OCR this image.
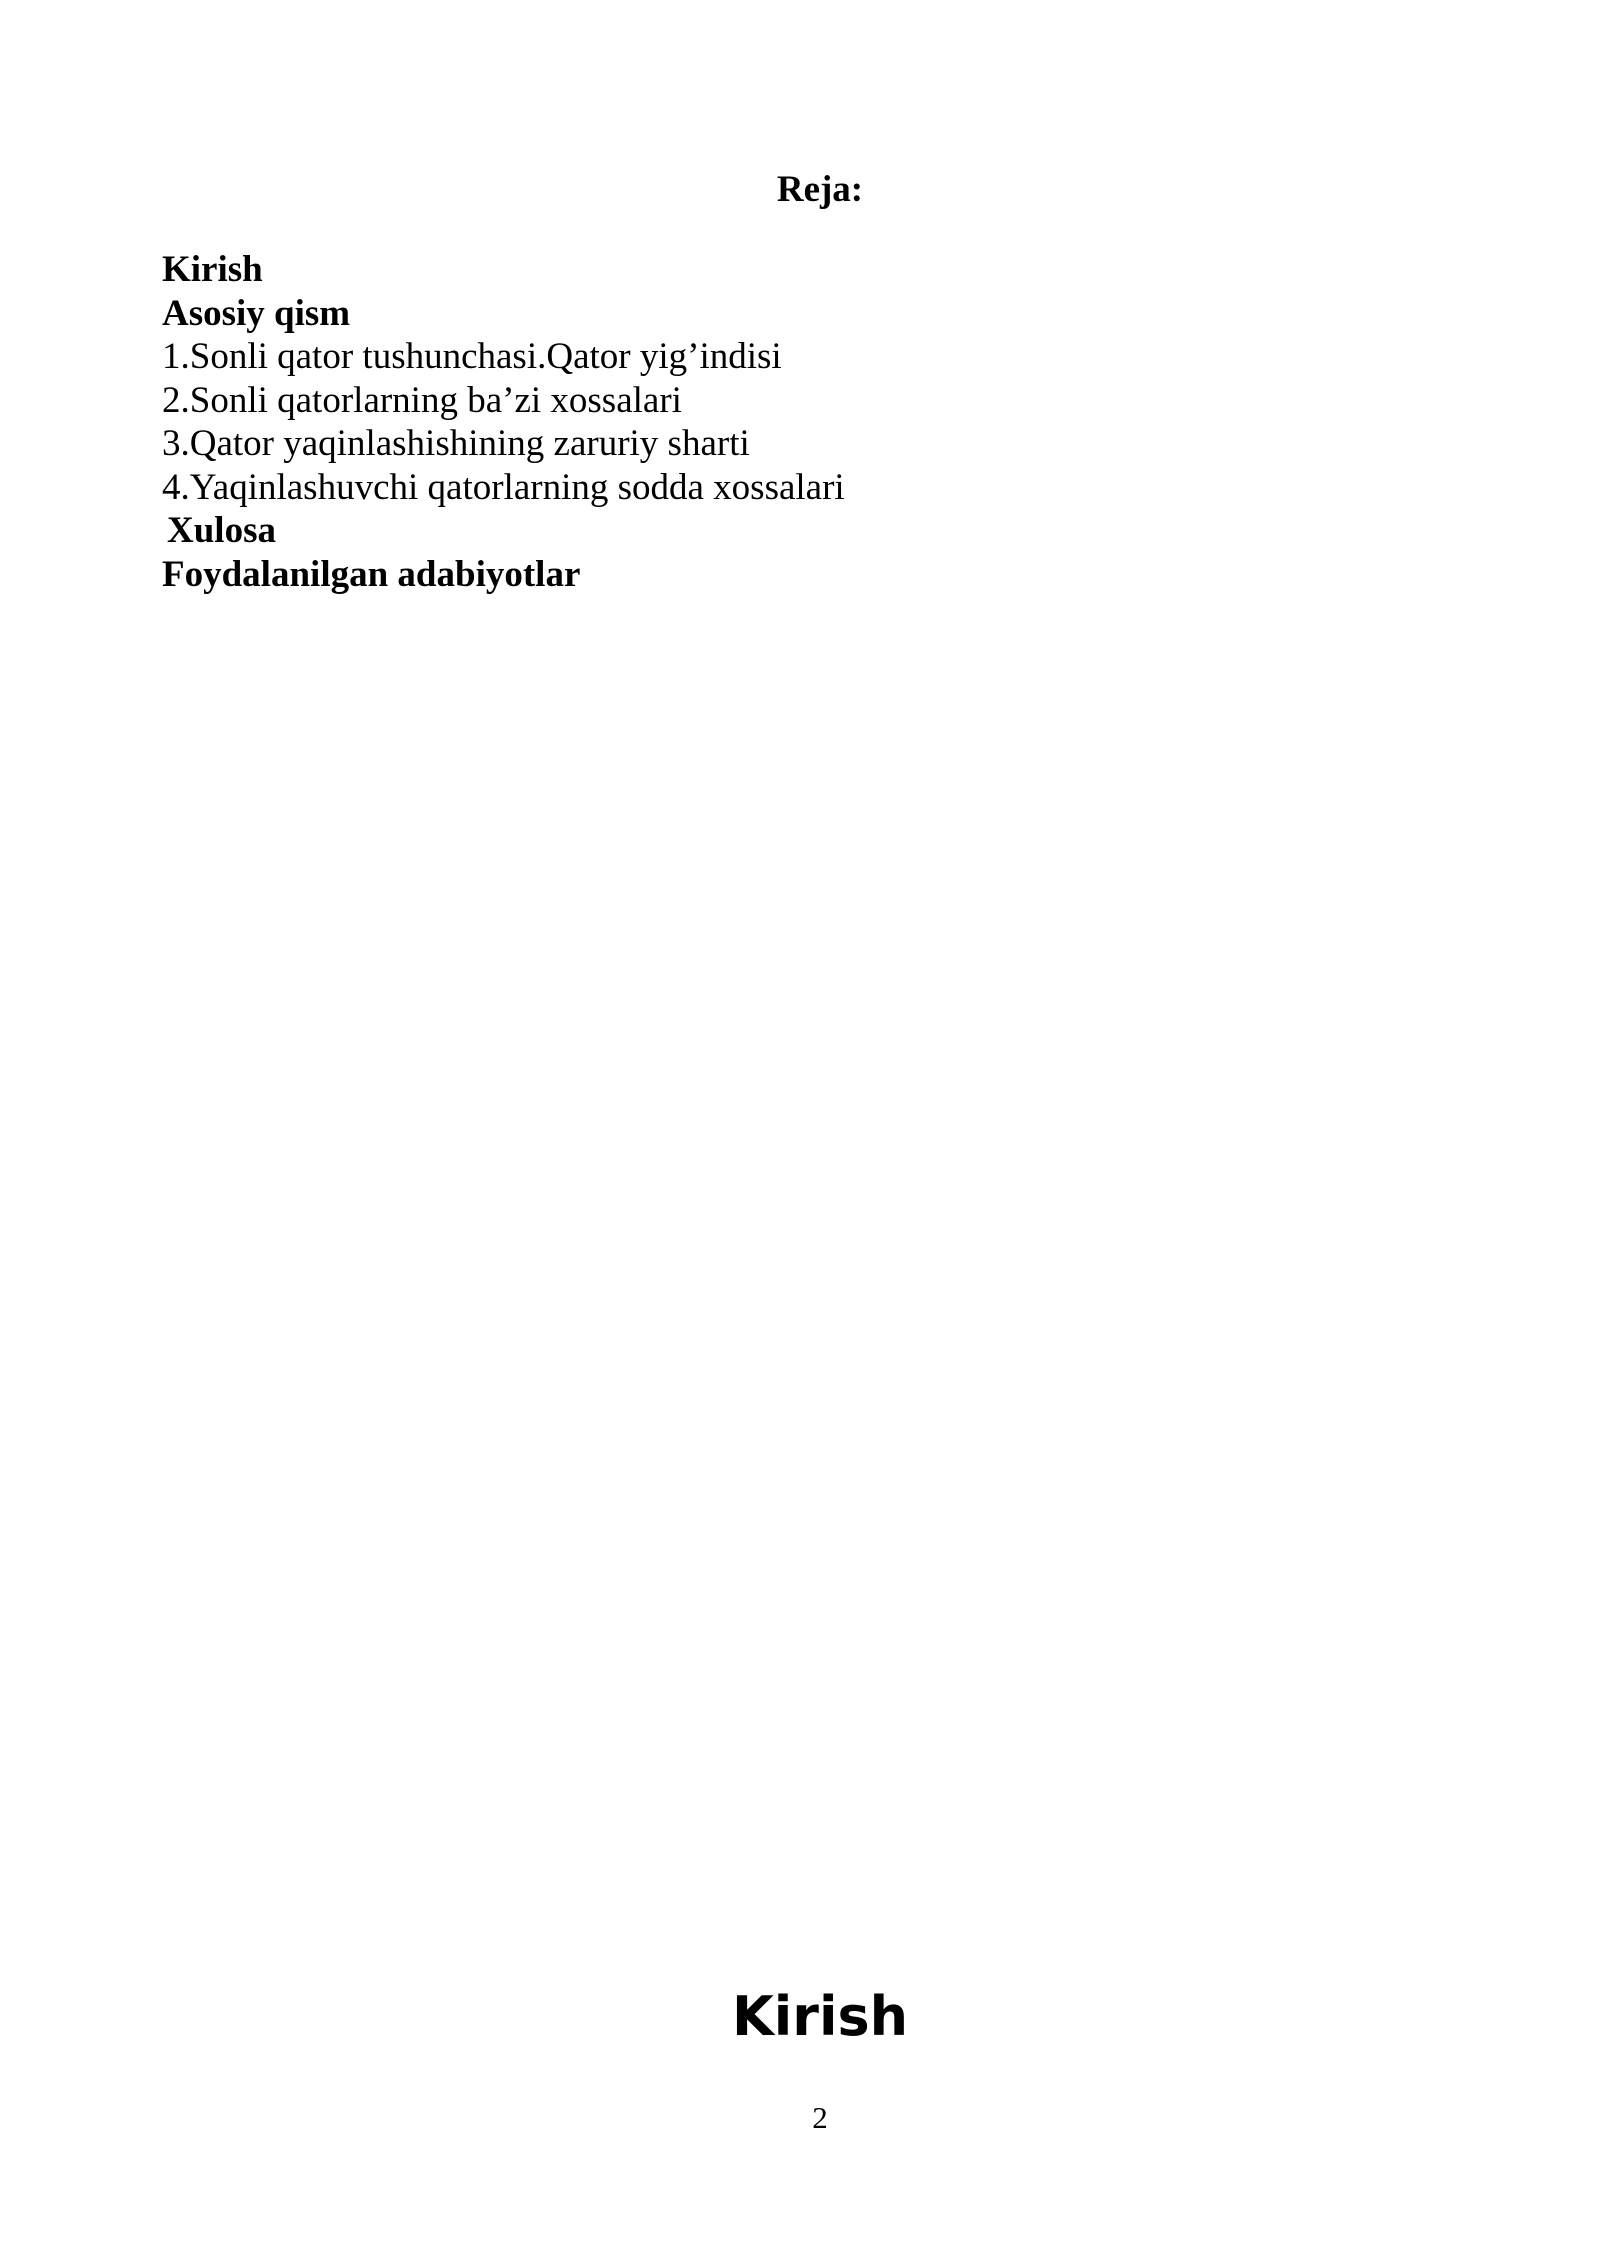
Reja:
Kirish
Asosiy qism
1.Sonli qator tushunchasi.Qator yig’indisi
2.Sonli qatorlarning ba’zi xossalari
3.Qator yaqinlashishining zaruriy sharti
4.Yaqinlashuvchi qatorlarning sodda xossalari
Xulosa
Foydalanilgan adabiyotlar
Kirish
2
